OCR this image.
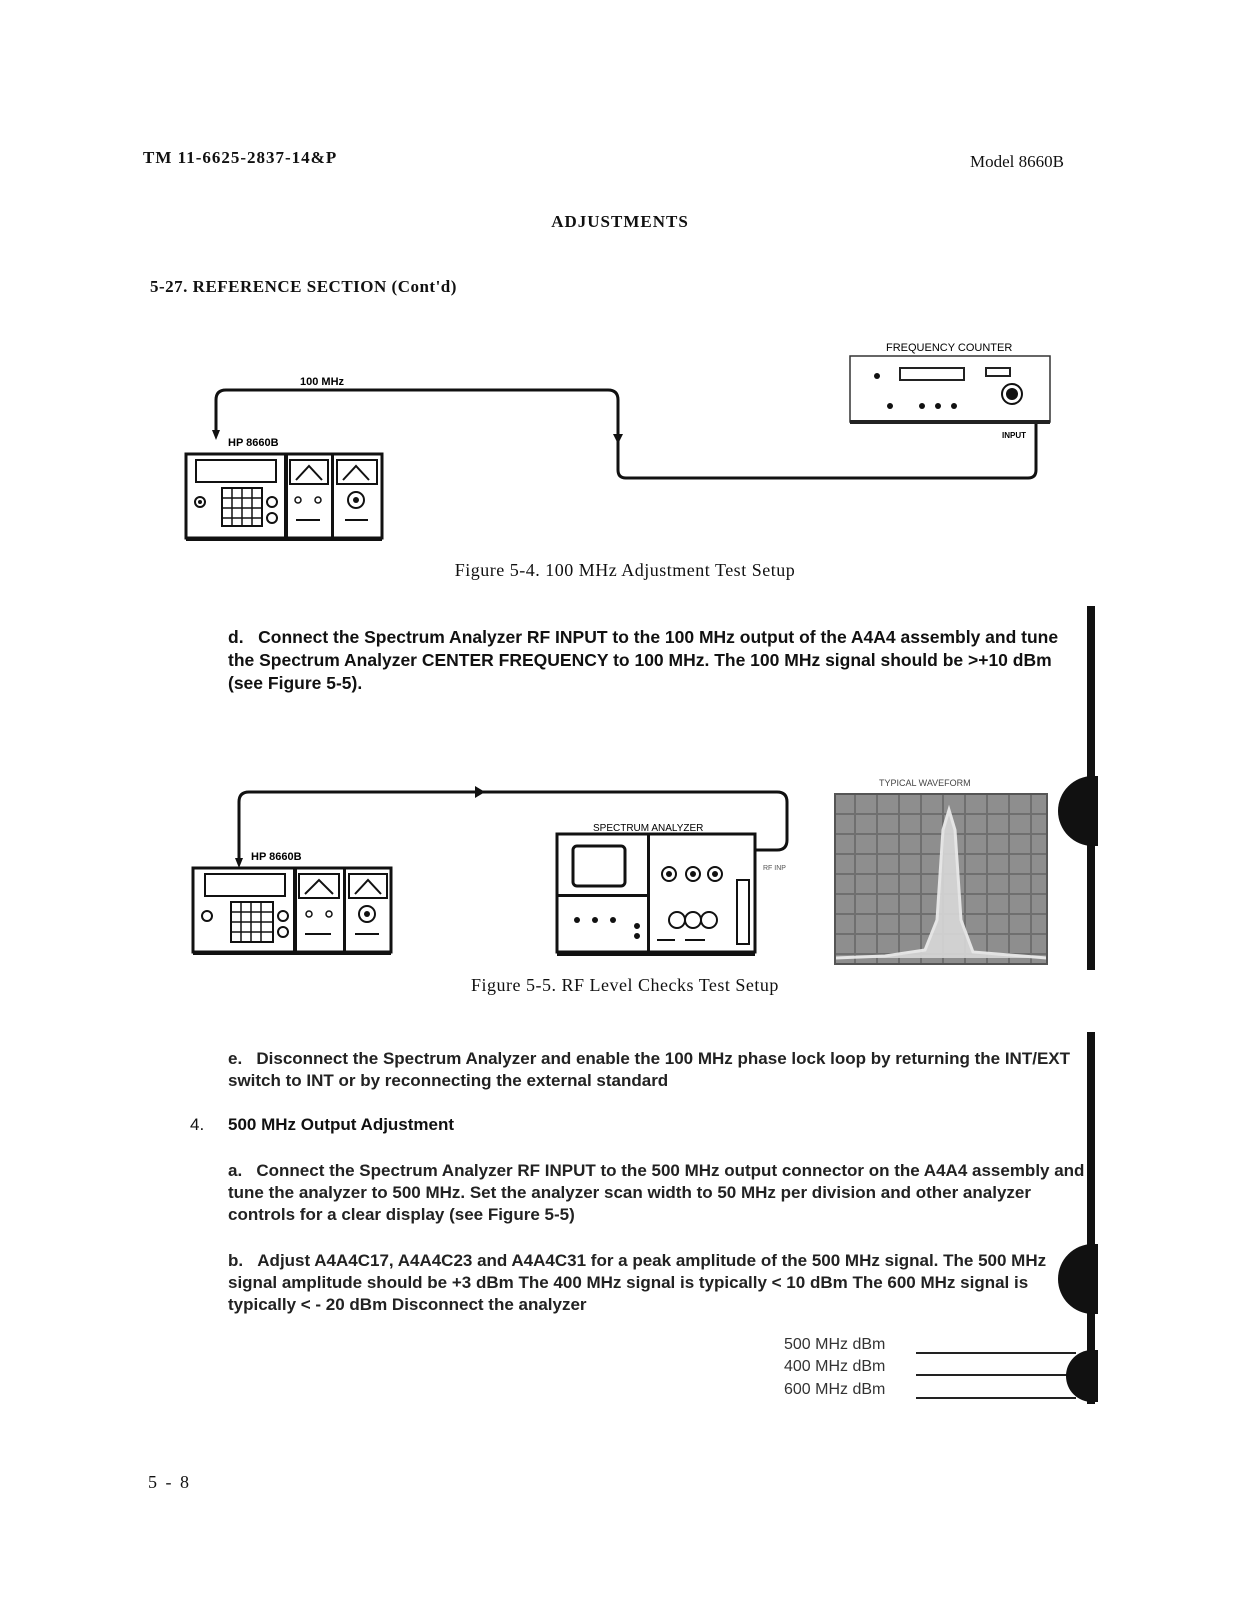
TM 11-6625-2837-14&P	Model 8660B
ADJUSTMENTS
5-27. REFERENCE SECTION (Cont'd)
100 MHz
HP 8660B
FREQUENCY COUNTER
INPUT
Figure 5-4. 100 MHz Adjustment Test Setup
d. Connect the Spectrum Analyzer RF INPUT to the 100 MHz output of the A4A4 assembly and tune the Spectrum Analyzer CENTER FREQUENCY to 100 MHz. The 100 MHz signal should be >+10 dBm (see Figure 5-5).
HP 8660B
SPECTRUM ANALYZER
RF INP
TYPICAL WAVEFORM
Figure 5-5. RF Level Checks Test Setup
e. Disconnect the Spectrum Analyzer and enable the 100 MHz phase lock loop by returning the INT/EXT switch to INT or by reconnecting the external standard
4. 500 MHz Output Adjustment
a. Connect the Spectrum Analyzer RF INPUT to the 500 MHz output connector on the A4A4 assembly and tune the analyzer to 500 MHz. Set the analyzer scan width to 50 MHz per division and other analyzer controls for a clear display (see Figure 5-5)
b. Adjust A4A4C17, A4A4C23 and A4A4C31 for a peak amplitude of the 500 MHz signal. The 500 MHz signal amplitude should be +3 dBm The 400 MHz signal is typically < 10 dBm The 600 MHz signal is typically < - 20 dBm Disconnect the analyzer
500 MHz dBm
400 MHz dBm
600 MHz dBm
5 - 8
